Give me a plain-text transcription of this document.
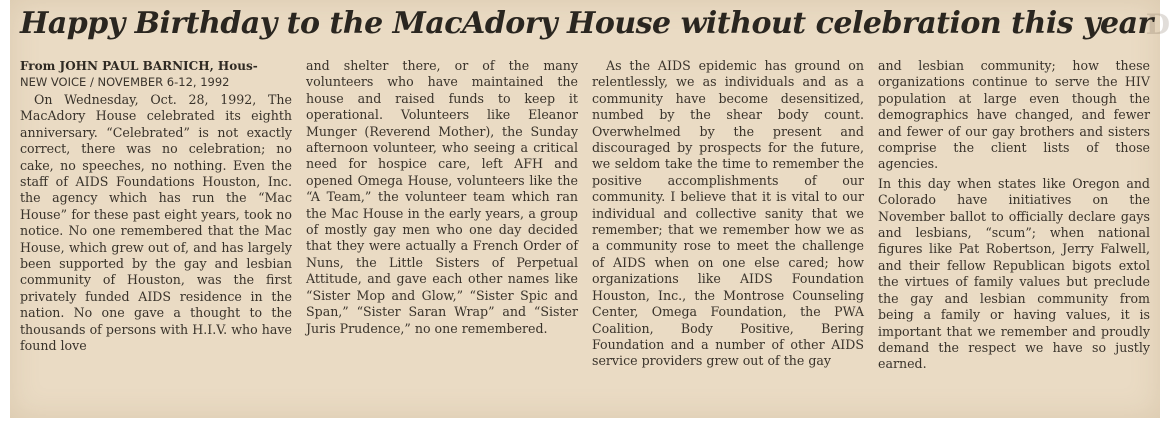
D
Happy Birthday to the MacAdory House without celebration this year
From JOHN PAUL BARNICH, Hous-
NEW VOICE / NOVEMBER 6-12, 1992

On Wednesday, Oct. 28, 1992, The MacAdory House celebrated its eighth anniversary. “Celebrated” is not exactly correct, there was no celebration; no cake, no speeches, no nothing. Even the staff of AIDS Foundations Houston, Inc. the agency which has run the “Mac House” for these past eight years, took no notice. No one remembered that the Mac House, which grew out of, and has largely been supported by the gay and lesbian community of Houston, was the first privately funded AIDS residence in the nation. No one gave a thought to the thousands of persons with H.I.V. who have found love

and shelter there, or of the many volunteers who have maintained the house and raised funds to keep it operational. Volunteers like Eleanor Munger (Reverend Mother), the Sunday afternoon volunteer, who seeing a critical need for hospice care, left AFH and opened Omega House, volunteers like the “A Team,” the volunteer team which ran the Mac House in the early years, a group of mostly gay men who one day decided that they were actually a French Order of Nuns, the Little Sisters of Perpetual Attitude, and gave each other names like “Sister Mop and Glow,” “Sister Spic and Span,” “Sister Saran Wrap” and “Sister Juris Prudence,” no one remembered.

As the AIDS epidemic has ground on relentlessly, we as individuals and as a community have become desensitized, numbed by the shear body count. Overwhelmed by the present and discouraged by prospects for the future, we seldom take the time to remember the positive accomplishments of our community. I believe that it is vital to our individual and collective sanity that we remember; that we remember how we as a community rose to meet the challenge of AIDS when on one else cared; how organizations like AIDS Foundation Houston, Inc., the Montrose Counseling Center, Omega Foundation, the PWA Coalition, Body Positive, Bering Foundation and a number of other AIDS service providers grew out of the gay

and lesbian community; how these organizations continue to serve the HIV population at large even though the demographics have changed, and fewer and fewer of our gay brothers and sisters comprise the client lists of those agencies.

In this day when states like Oregon and Colorado have initiatives on the November ballot to officially declare gays and lesbians, “scum”; when national figures like Pat Robertson, Jerry Falwell, and their fellow Republican bigots extol the virtues of family values but preclude the gay and lesbian community from being a family or having values, it is important that we remember and proudly demand the respect we have so justly earned.
